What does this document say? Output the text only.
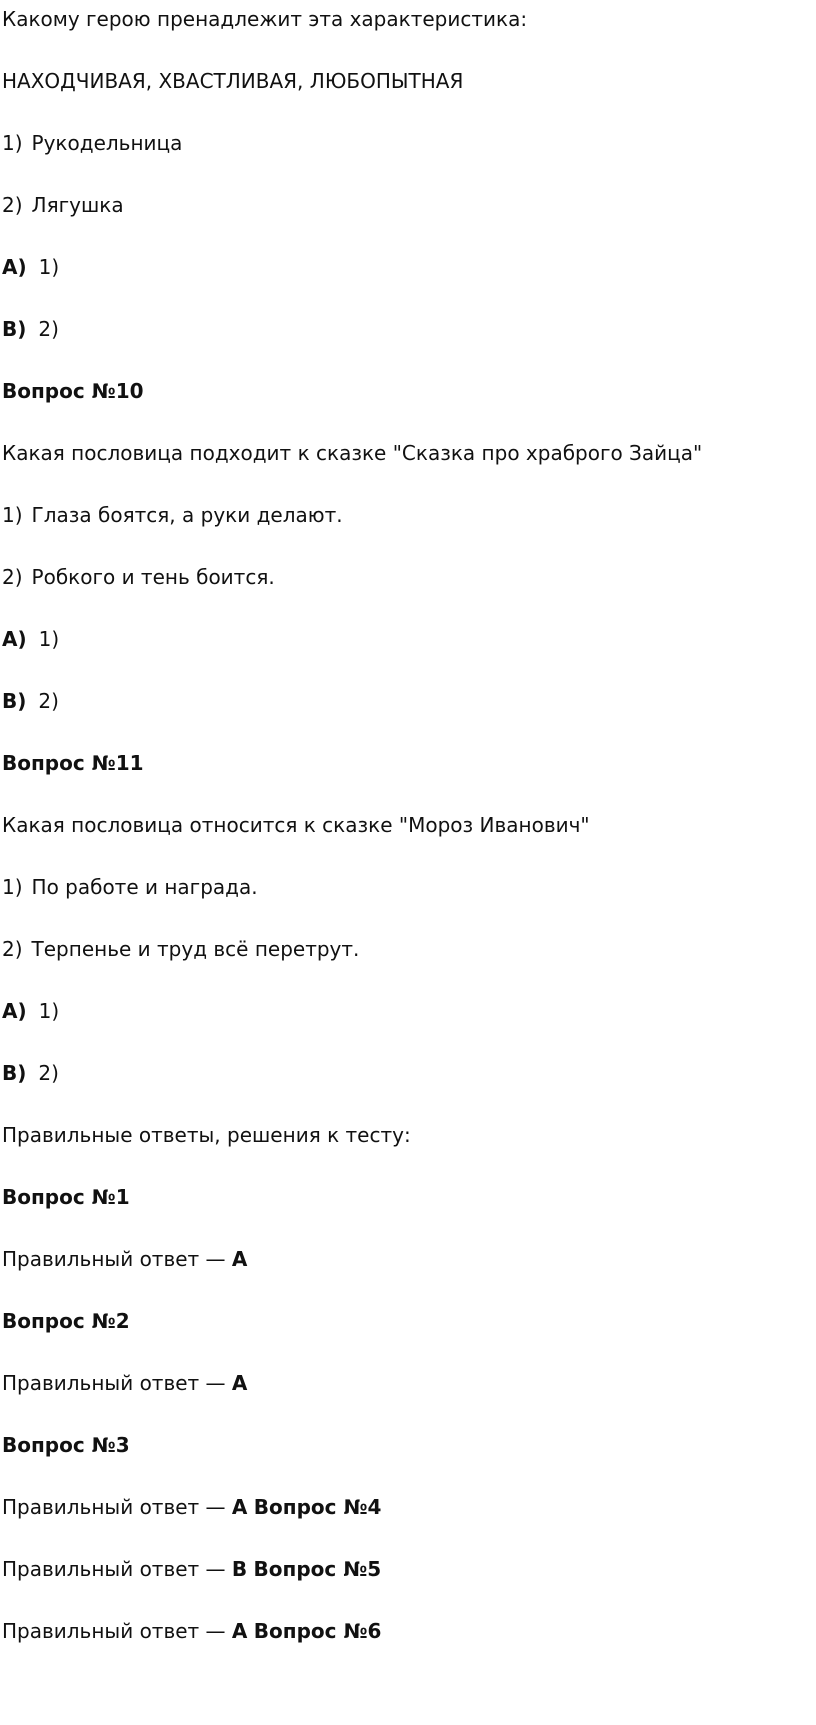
Какому герою пренадлежит эта характеристика:
НАХОДЧИВАЯ, ХВАСТЛИВАЯ, ЛЮБОПЫТНАЯ
1) Рукодельница
2) Лягушка
А) 1)
В) 2)
Вопрос №10
Какая пословица подходит к сказке "Сказка про храброго Зайца"
1) Глаза боятся, а руки делают.
2) Робкого и тень боится.
А) 1)
В) 2)
Вопрос №11
Какая пословица относится к сказке "Мороз Иванович"
1) По работе и награда.
2) Терпенье и труд всё перетрут.
А) 1)
В) 2)
Правильные ответы, решения к тесту:
Вопрос №1
Правильный ответ — А
Вопрос №2
Правильный ответ — А
Вопрос №3
Правильный ответ — А Вопрос №4
Правильный ответ — В Вопрос №5
Правильный ответ — А Вопрос №6
